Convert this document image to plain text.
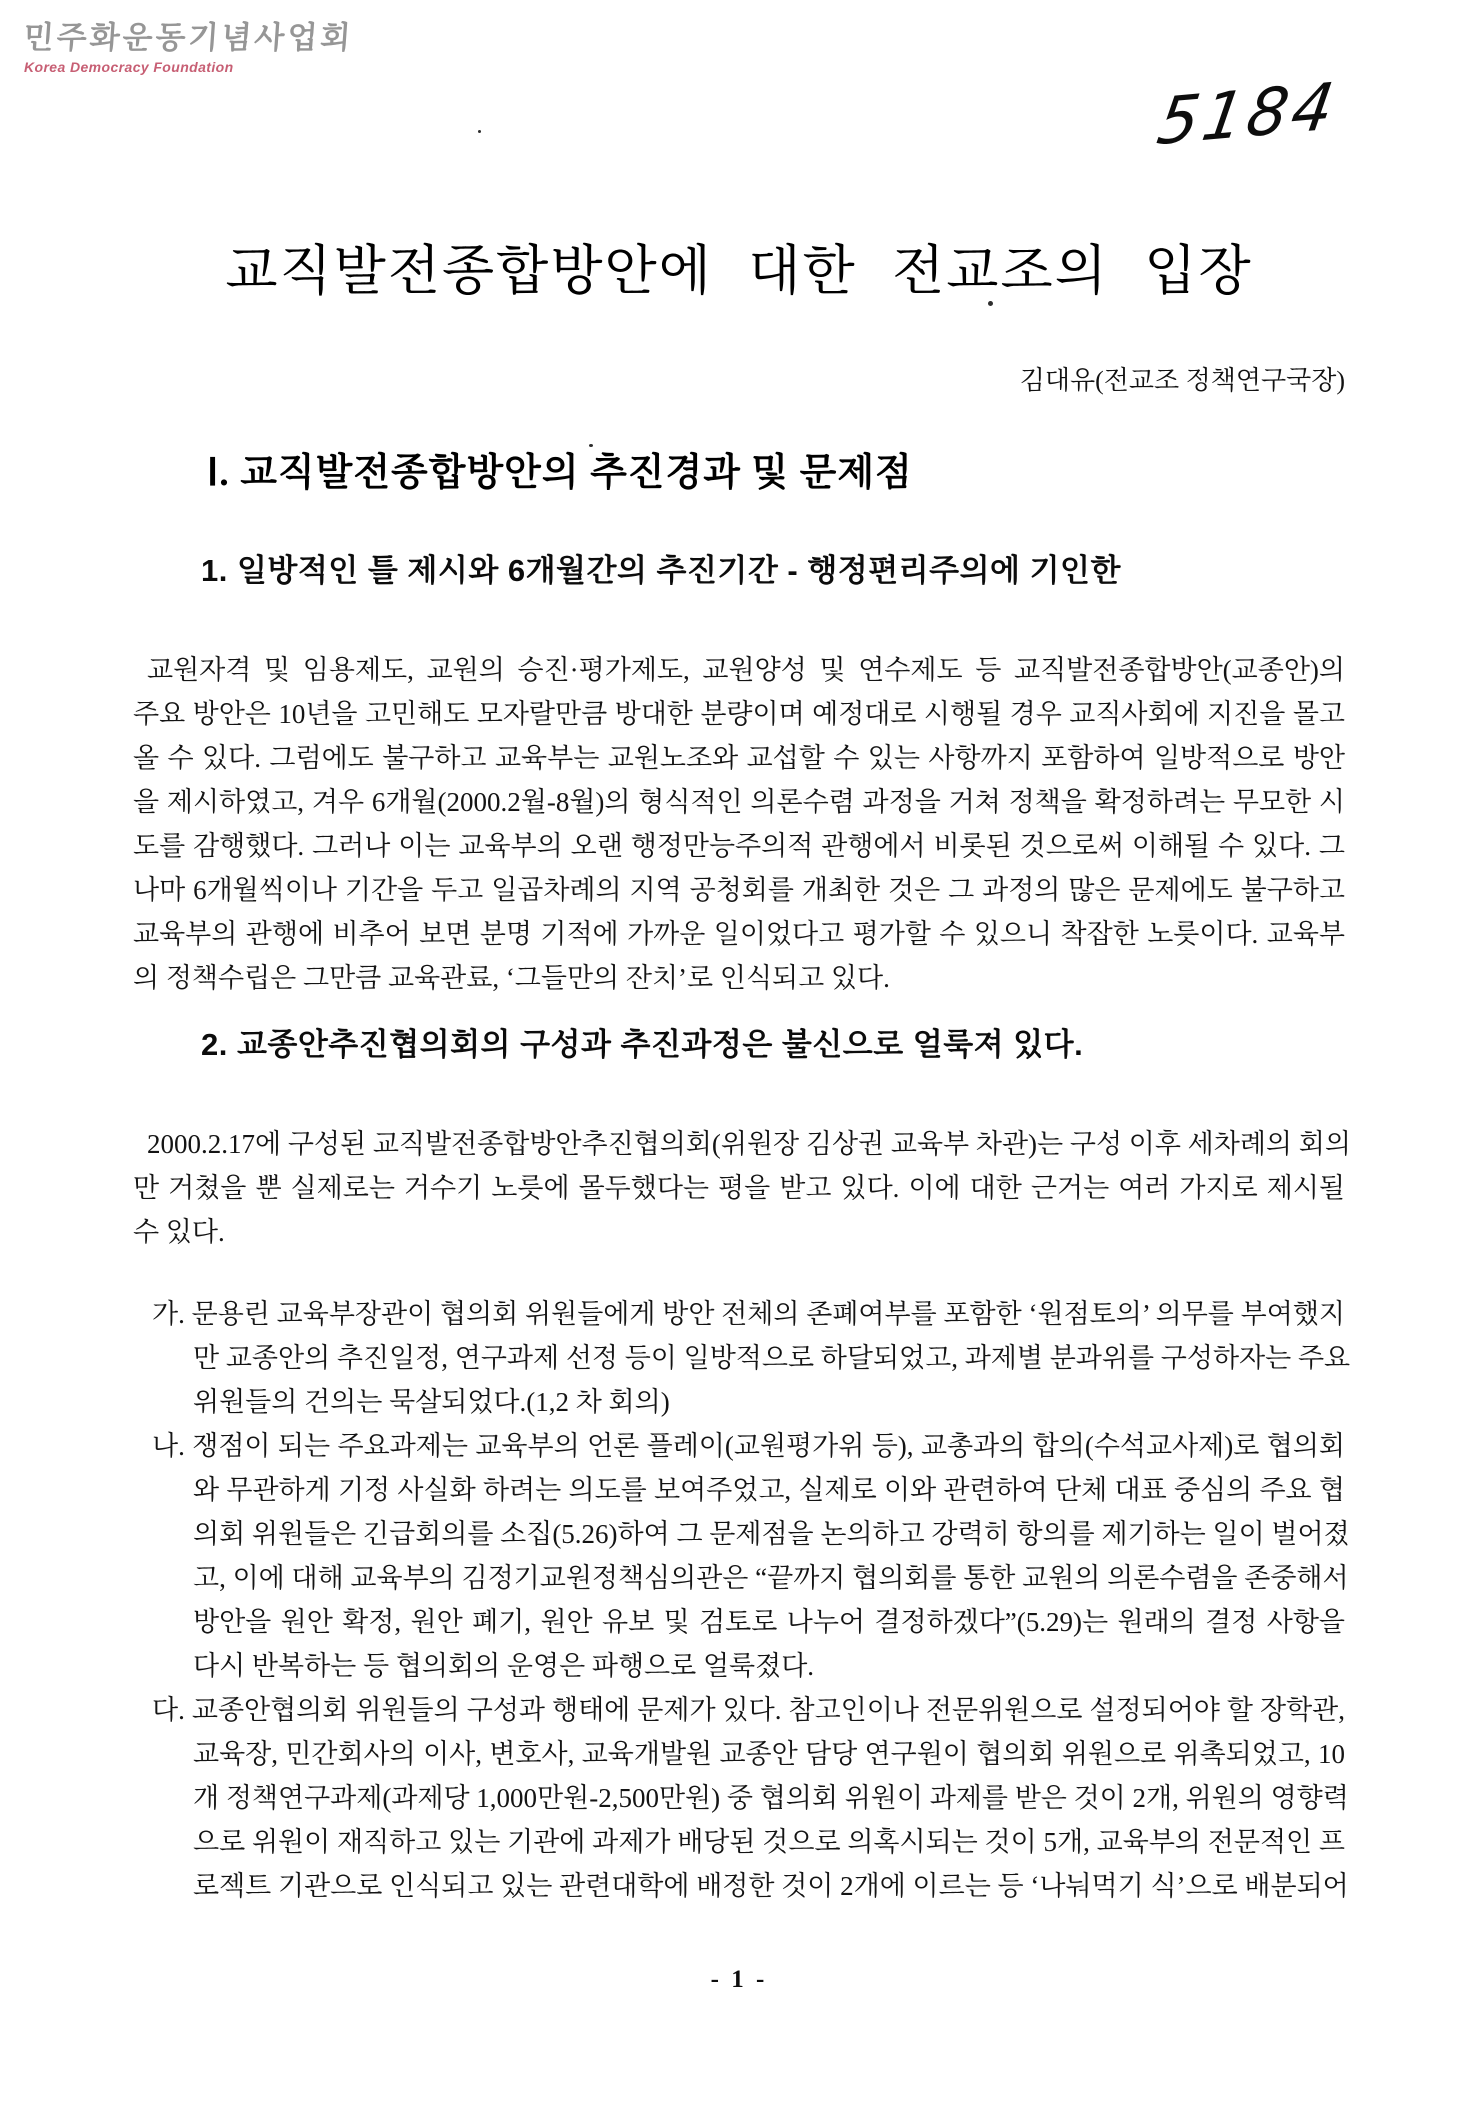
민주화운동기념사업회
Korea Democracy Foundation
5184
교직발전종합방안에 대한 전교조의 입장
김대유(전교조 정책연구국장)
Ⅰ. 교직발전종합방안의 추진경과 및 문제점
1. 일방적인 틀 제시와 6개월간의 추진기간 - 행정편리주의에 기인한
교원자격 및 임용제도, 교원의 승진·평가제도, 교원양성 및 연수제도 등 교직발전종합방안(교종안)의
주요 방안은 10년을 고민해도 모자랄만큼 방대한 분량이며 예정대로 시행될 경우 교직사회에 지진을 몰고
올 수 있다. 그럼에도 불구하고 교육부는 교원노조와 교섭할 수 있는 사항까지 포함하여 일방적으로 방안
을 제시하였고, 겨우 6개월(2000.2월-8월)의 형식적인 의론수렴 과정을 거쳐 정책을 확정하려는 무모한 시
도를 감행했다. 그러나 이는 교육부의 오랜 행정만능주의적 관행에서 비롯된 것으로써 이해될 수 있다. 그
나마 6개월씩이나 기간을 두고 일곱차례의 지역 공청회를 개최한 것은 그 과정의 많은 문제에도 불구하고
교육부의 관행에 비추어 보면 분명 기적에 가까운 일이었다고 평가할 수 있으니 착잡한 노릇이다. 교육부
의 정책수립은 그만큼 교육관료, ‘그들만의 잔치’로 인식되고 있다.
2. 교종안추진협의회의 구성과 추진과정은 불신으로 얼룩져 있다.
2000.2.17에 구성된 교직발전종합방안추진협의회(위원장 김상권 교육부 차관)는 구성 이후 세차례의 회의
만 거쳤을 뿐 실제로는 거수기 노릇에 몰두했다는 평을 받고 있다. 이에 대한 근거는 여러 가지로 제시될
수 있다.
가. 문용린 교육부장관이 협의회 위원들에게 방안 전체의 존폐여부를 포함한 ‘원점토의’ 의무를 부여했지
만 교종안의 추진일정, 연구과제 선정 등이 일방적으로 하달되었고, 과제별 분과위를 구성하자는 주요
위원들의 건의는 묵살되었다.(1,2 차 회의)
나. 쟁점이 되는 주요과제는 교육부의 언론 플레이(교원평가위 등), 교총과의 합의(수석교사제)로 협의회
와 무관하게 기정 사실화 하려는 의도를 보여주었고, 실제로 이와 관련하여 단체 대표 중심의 주요 협
의회 위원들은 긴급회의를 소집(5.26)하여 그 문제점을 논의하고 강력히 항의를 제기하는 일이 벌어졌
고, 이에 대해 교육부의 김정기교원정책심의관은 “끝까지 협의회를 통한 교원의 의론수렴을 존중해서
방안을 원안 확정, 원안 폐기, 원안 유보 및 검토로 나누어 결정하겠다”(5.29)는 원래의 결정 사항을
다시 반복하는 등 협의회의 운영은 파행으로 얼룩졌다.
다. 교종안협의회 위원들의 구성과 행태에 문제가 있다. 참고인이나 전문위원으로 설정되어야 할 장학관,
교육장, 민간회사의 이사, 변호사, 교육개발원 교종안 담당 연구원이 협의회 위원으로 위촉되었고, 10
개 정책연구과제(과제당 1,000만원-2,500만원) 중 협의회 위원이 과제를 받은 것이 2개, 위원의 영향력
으로 위원이 재직하고 있는 기관에 과제가 배당된 것으로 의혹시되는 것이 5개, 교육부의 전문적인 프
로젝트 기관으로 인식되고 있는 관련대학에 배정한 것이 2개에 이르는 등 ‘나눠먹기 식’으로 배분되어
- 1 -
